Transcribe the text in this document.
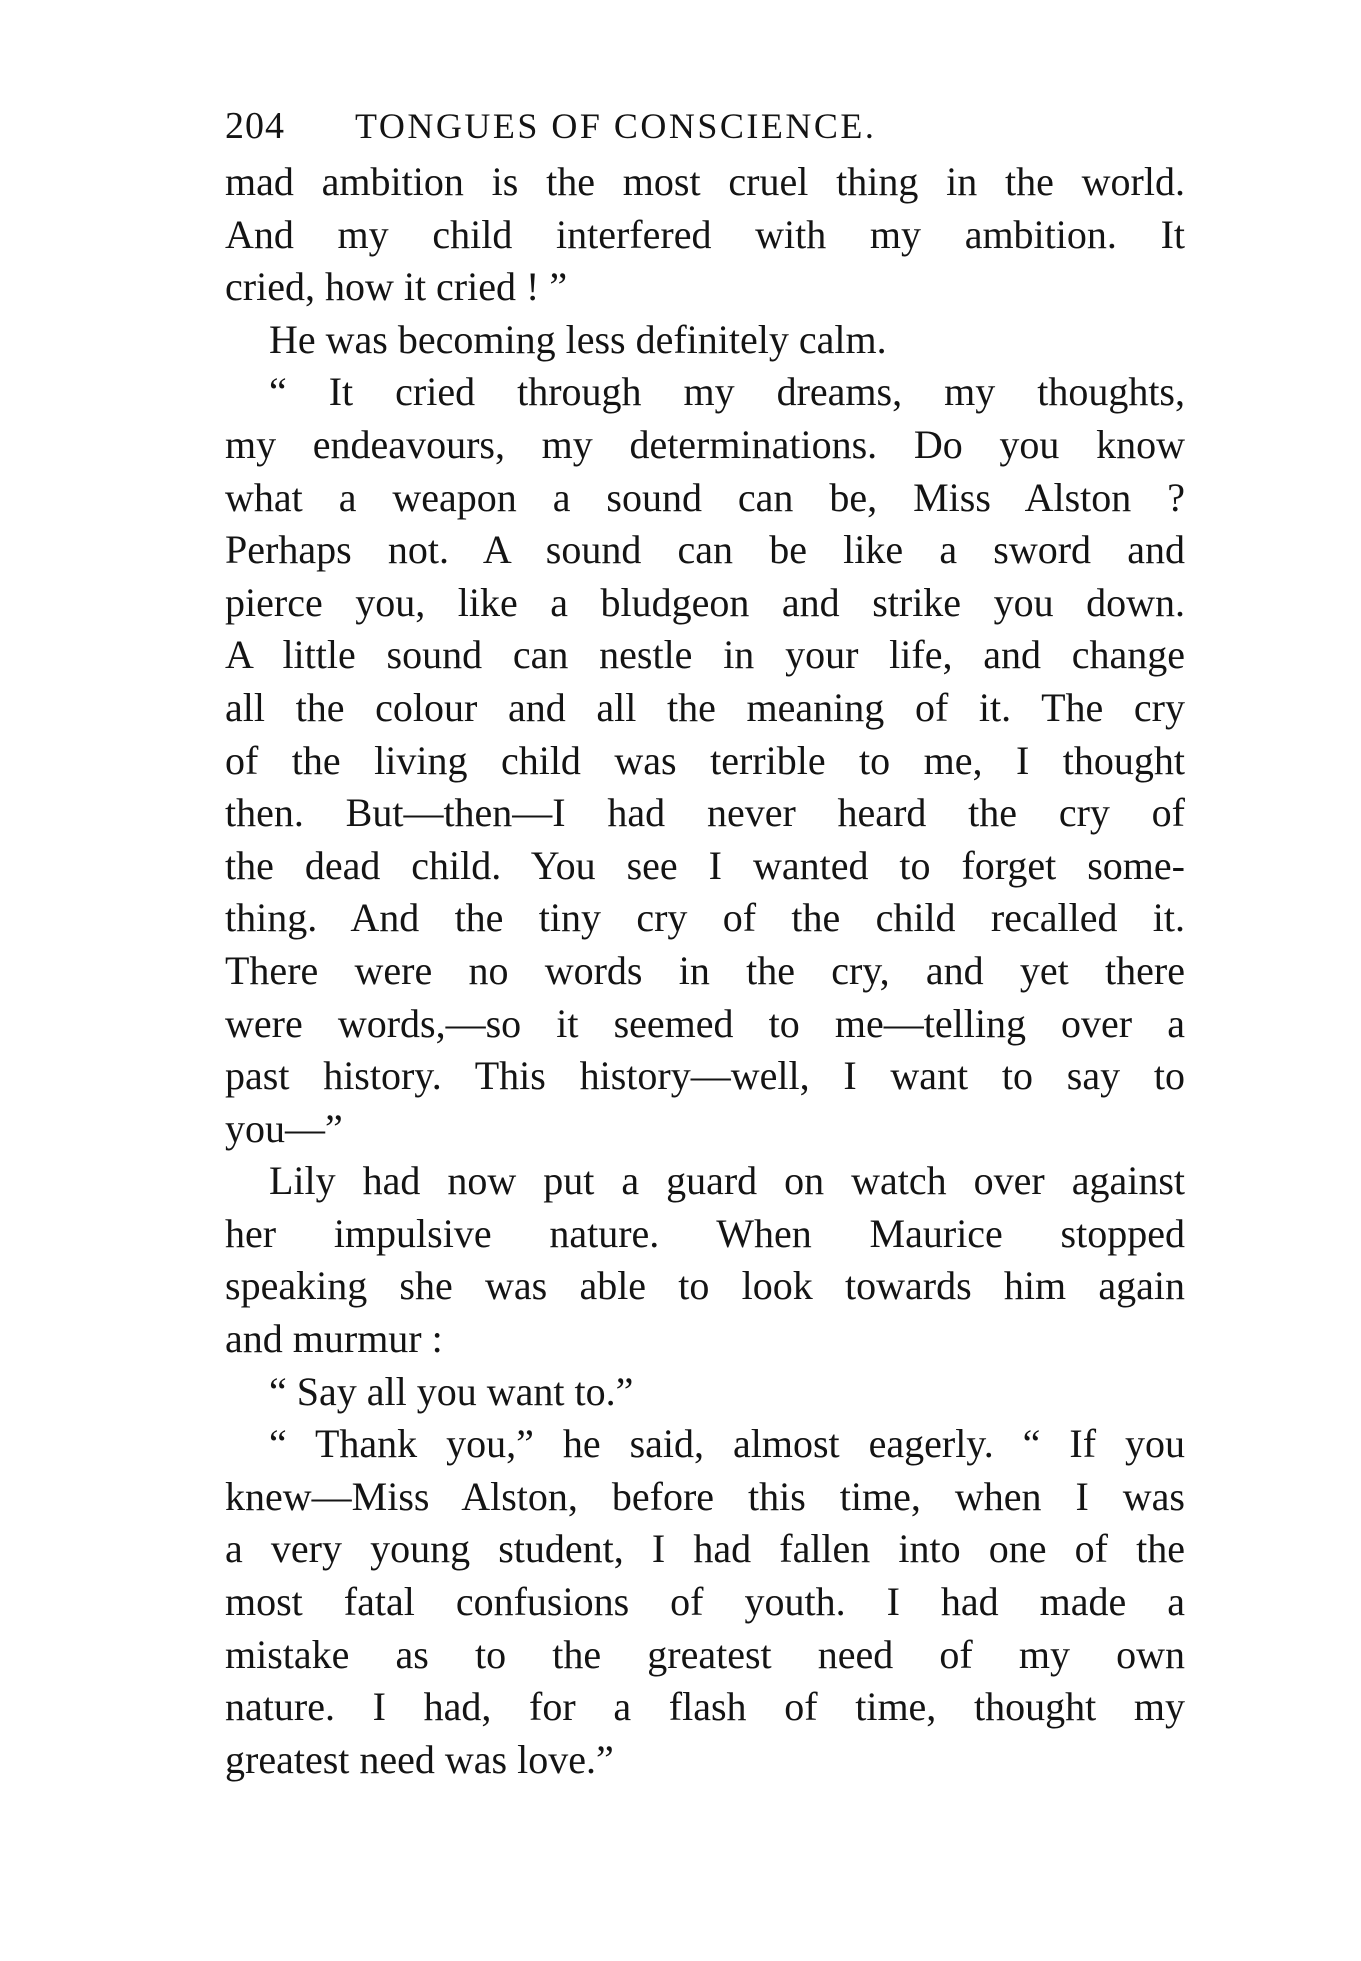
204	TONGUES OF CONSCIENCE.
mad ambition is the most cruel thing in the world.
And my child interfered with my ambition. It
cried, how it cried ! ”
He was becoming less definitely calm.
“ It cried through my dreams, my thoughts,
my endeavours, my determinations. Do you know
what a weapon a sound can be, Miss Alston ?
Perhaps not. A sound can be like a sword and
pierce you, like a bludgeon and strike you down.
A little sound can nestle in your life, and change
all the colour and all the meaning of it. The cry
of the living child was terrible to me, I thought
then. But—then—I had never heard the cry of
the dead child. You see I wanted to forget some-
thing. And the tiny cry of the child recalled it.
There were no words in the cry, and yet there
were words,—so it seemed to me—telling over a
past history. This history—well, I want to say to
you—”
Lily had now put a guard on watch over against
her impulsive nature. When Maurice stopped
speaking she was able to look towards him again
and murmur :
“ Say all you want to.”
“ Thank you,” he said, almost eagerly. “ If you
knew—Miss Alston, before this time, when I was
a very young student, I had fallen into one of the
most fatal confusions of youth. I had made a
mistake as to the greatest need of my own
nature. I had, for a flash of time, thought my
greatest need was love.”
